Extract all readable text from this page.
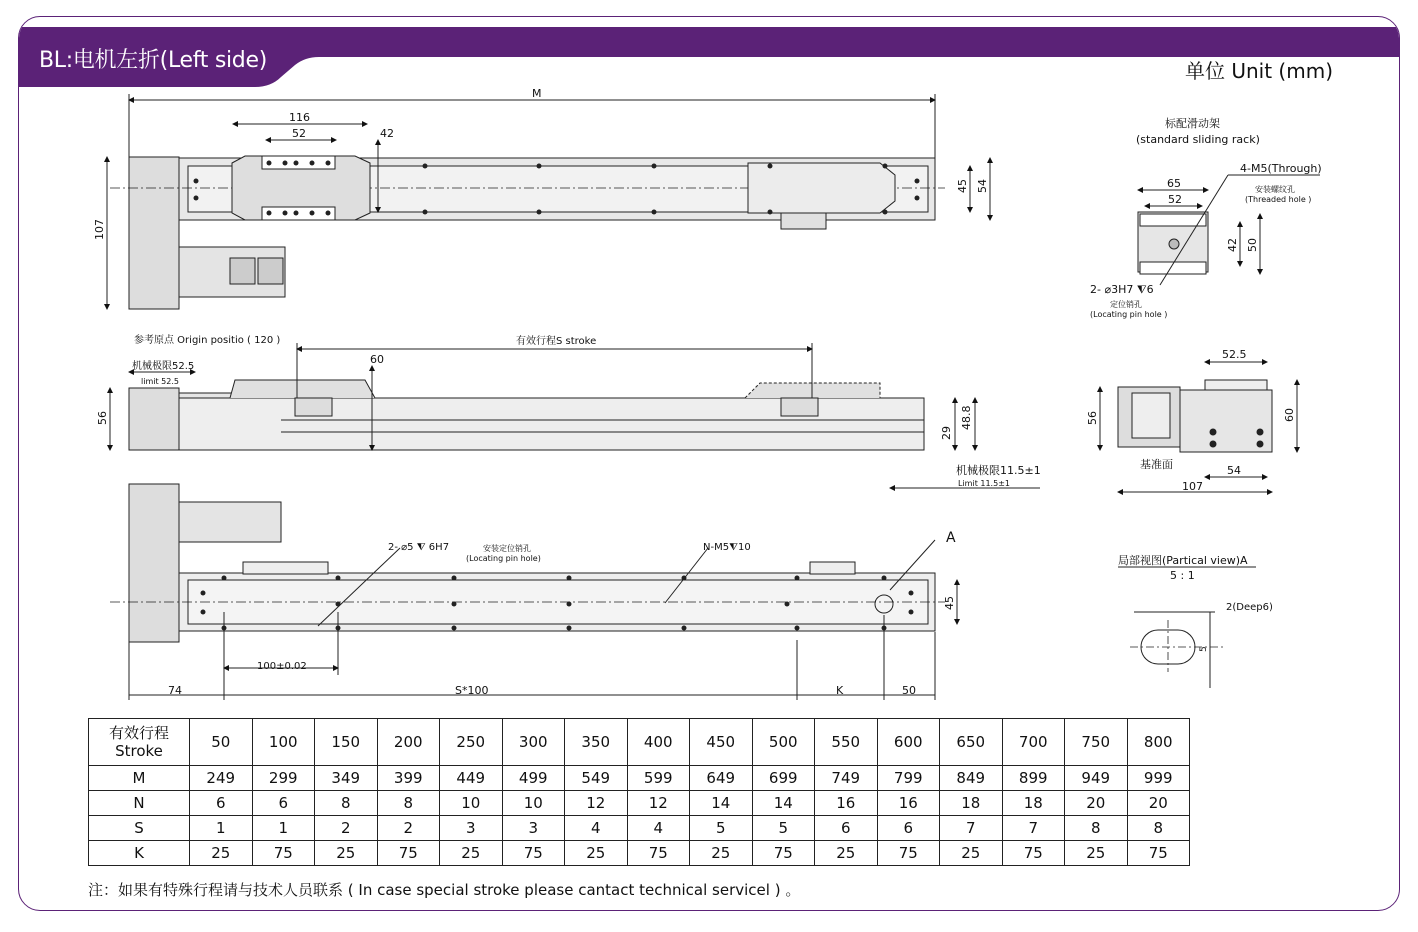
BL:电机左折(Left side)	单位 Unit (mm)
M
116
52	42
45 54
107
参考原点 Origin positio ( 120 )	有效行程S stroke
机械极限52.5
limit 52.5
60
56
29
48.8
机械极限11.5±1
Limit 11.5±1
2- ⌀5 ⧨ 6H7	安装定位销孔
(Locating pin hole)
N-M5⧨10
A
45
100±0.02
74	S*100	K	50
标配滑动架
(standard sliding rack)
4-M5(Through)
安装螺纹孔
(Threaded hole )
65
52
42 50
2- ⌀3H7 ⧨6
定位销孔
(Locating pin hole )
52.5
56	60
基准面	54
107
局部视图(Partical view)A
5 : 1
2(Deep6)
5
有效行程
Stroke	50	100	150	200	250	300	350	400	450	500	550	600	650	700	750	800
M	249	299	349	399	449	499	549	599	649	699	749	799	849	899	949	999
N	6	6	8	8	10	10	12	12	14	14	16	16	18	18	20	20
S	1	1	2	2	3	3	4	4	5	5	6	6	7	7	8	8
K	25	75	25	75	25	75	25	75	25	75	25	75	25	75	25	75
注：如果有特殊行程请与技术人员联系 ( In case special stroke please cantact technical servicel ) 。
